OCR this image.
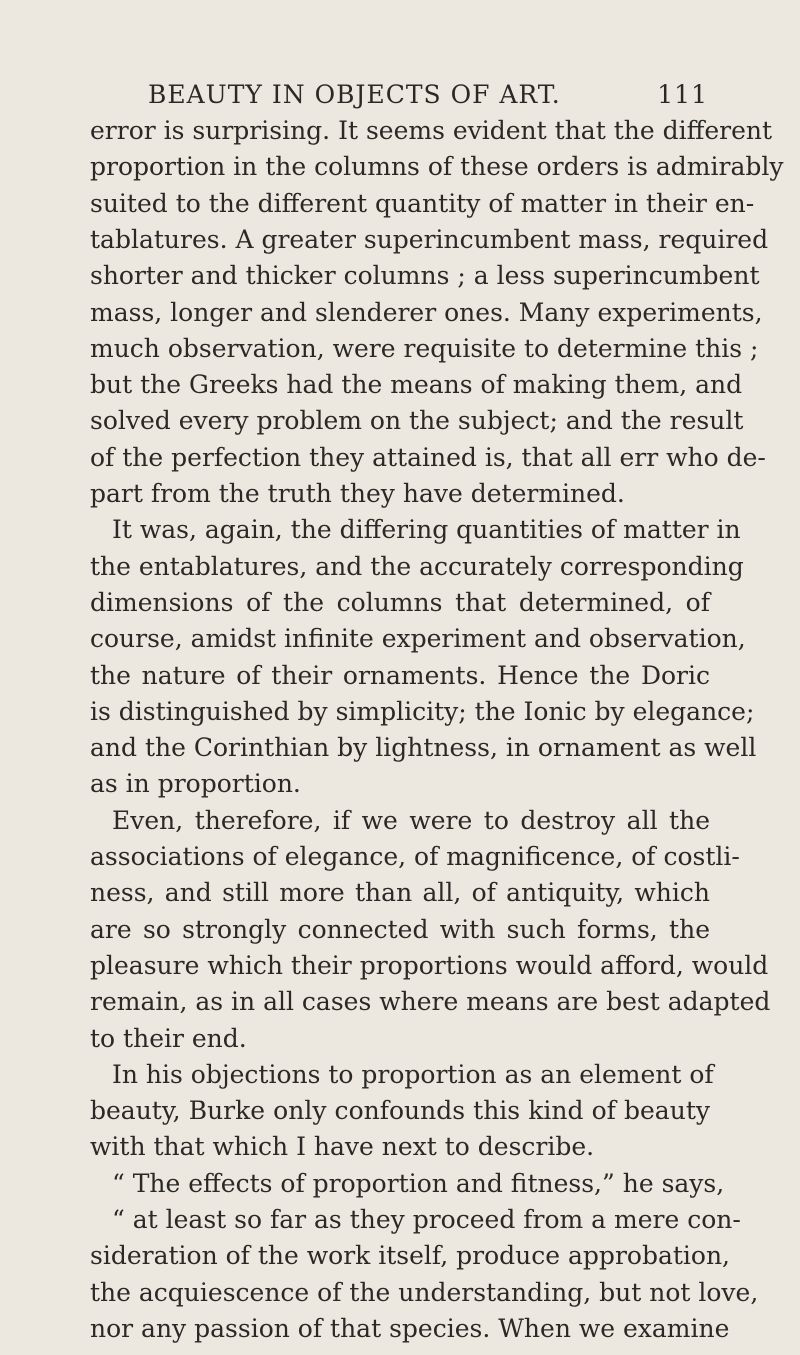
BEAUTY IN OBJECTS OF ART.	111
error is surprising. It seems evident that the different
proportion in the columns of these orders is admirably
suited to the different quantity of matter in their en-
tablatures. A greater superincumbent mass, required
shorter and thicker columns ; a less superincumbent
mass, longer and slenderer ones. Many experiments,
much observation, were requisite to determine this ;
but the Greeks had the means of making them, and
solved every problem on the subject; and the result
of the perfection they attained is, that all err who de-
part from the truth they have determined.
It was, again, the differing quantities of matter in
the entablatures, and the accurately corresponding
dimensions of the columns that determined, of
course, amidst infinite experiment and observation,
the nature of their ornaments. Hence the Doric
is distinguished by simplicity; the Ionic by elegance;
and the Corinthian by lightness, in ornament as well
as in proportion.
Even, therefore, if we were to destroy all the
associations of elegance, of magnificence, of costli-
ness, and still more than all, of antiquity, which
are so strongly connected with such forms, the
pleasure which their proportions would afford, would
remain, as in all cases where means are best adapted
to their end.
In his objections to proportion as an element of
beauty, Burke only confounds this kind of beauty
with that which I have next to describe.
“ The effects of proportion and fitness,” he says,
“ at least so far as they proceed from a mere con-
sideration of the work itself, produce approbation,
the acquiescence of the understanding, but not love,
nor any passion of that species. When we examine
